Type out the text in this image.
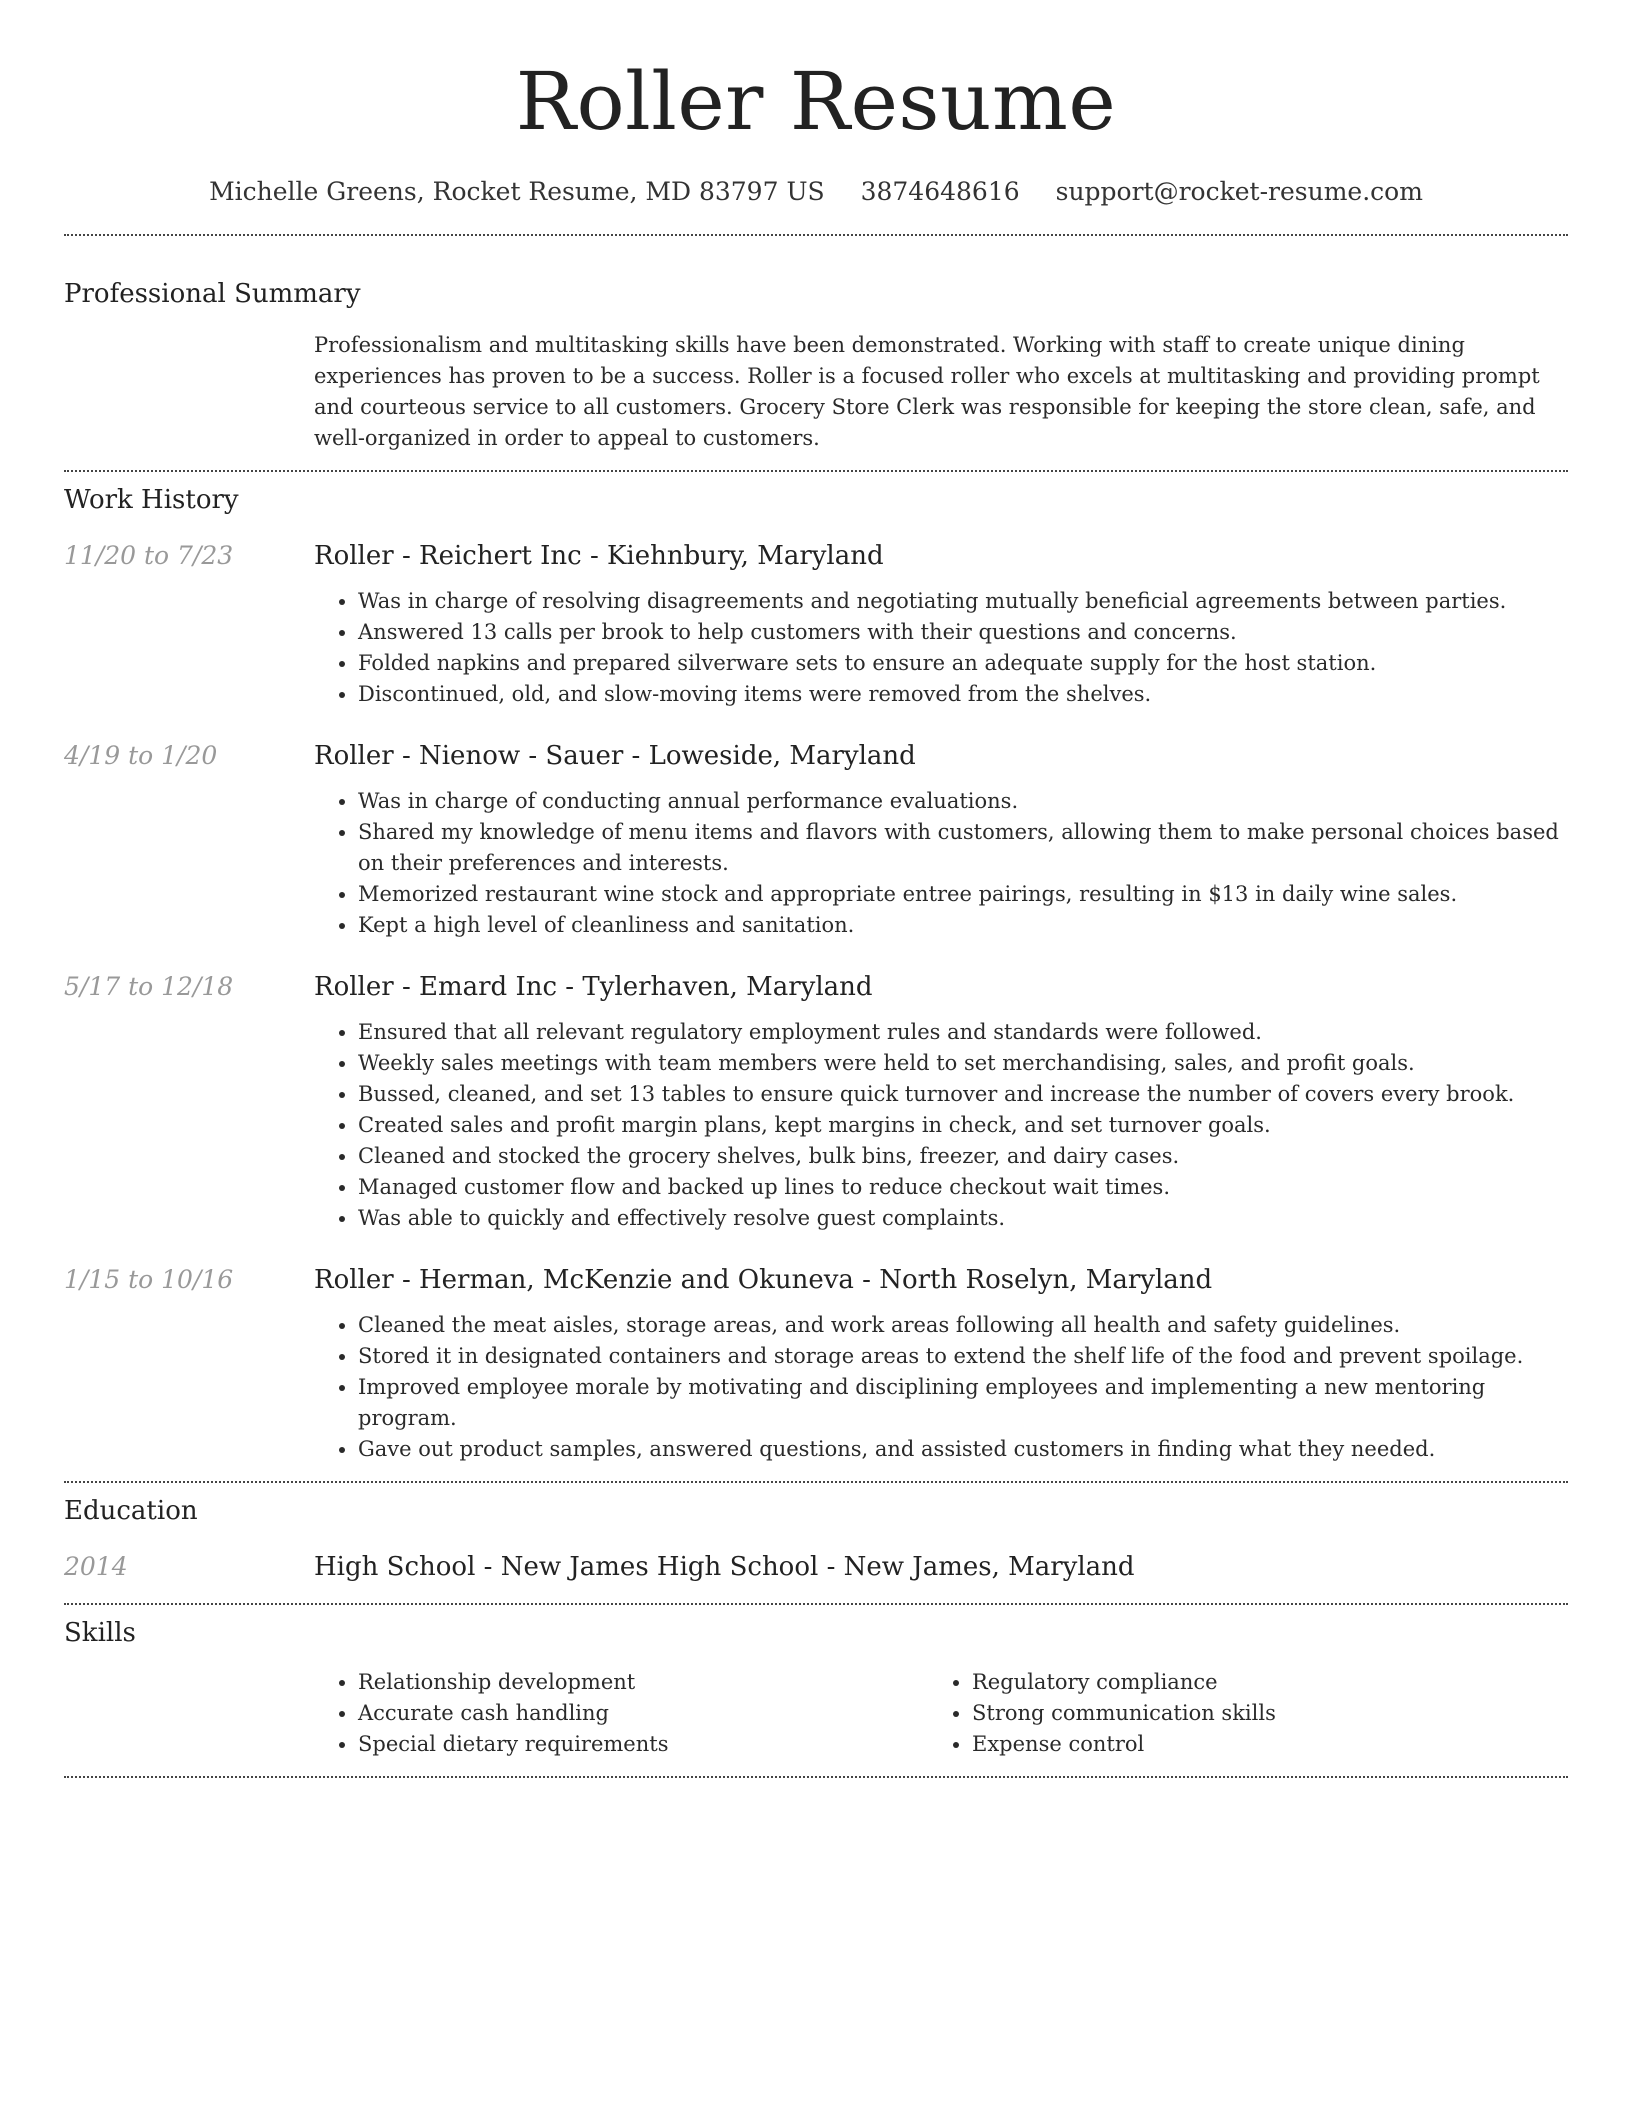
Roller Resume
Michelle Greens, Rocket Resume, MD 83797 US 3874648616 support@rocket-resume.com
Professional Summary
Professionalism and multitasking skills have been demonstrated. Working with staff to create unique dining experiences has proven to be a success. Roller is a focused roller who excels at multitasking and providing prompt and courteous service to all customers. Grocery Store Clerk was responsible for keeping the store clean, safe, and well-organized in order to appeal to customers.
Work History
11/20 to 7/23	Roller - Reichert Inc - Kiehnbury, Maryland
• Was in charge of resolving disagreements and negotiating mutually beneficial agreements between parties.
• Answered 13 calls per brook to help customers with their questions and concerns.
• Folded napkins and prepared silverware sets to ensure an adequate supply for the host station.
• Discontinued, old, and slow-moving items were removed from the shelves.
4/19 to 1/20	Roller - Nienow - Sauer - Loweside, Maryland
• Was in charge of conducting annual performance evaluations.
• Shared my knowledge of menu items and flavors with customers, allowing them to make personal choices based on their preferences and interests.
• Memorized restaurant wine stock and appropriate entree pairings, resulting in $13 in daily wine sales.
• Kept a high level of cleanliness and sanitation.
5/17 to 12/18	Roller - Emard Inc - Tylerhaven, Maryland
• Ensured that all relevant regulatory employment rules and standards were followed.
• Weekly sales meetings with team members were held to set merchandising, sales, and profit goals.
• Bussed, cleaned, and set 13 tables to ensure quick turnover and increase the number of covers every brook.
• Created sales and profit margin plans, kept margins in check, and set turnover goals.
• Cleaned and stocked the grocery shelves, bulk bins, freezer, and dairy cases.
• Managed customer flow and backed up lines to reduce checkout wait times.
• Was able to quickly and effectively resolve guest complaints.
1/15 to 10/16	Roller - Herman, McKenzie and Okuneva - North Roselyn, Maryland
• Cleaned the meat aisles, storage areas, and work areas following all health and safety guidelines.
• Stored it in designated containers and storage areas to extend the shelf life of the food and prevent spoilage.
• Improved employee morale by motivating and disciplining employees and implementing a new mentoring program.
• Gave out product samples, answered questions, and assisted customers in finding what they needed.
Education
2014	High School - New James High School - New James, Maryland
Skills
• Relationship development
• Accurate cash handling
• Special dietary requirements
• Regulatory compliance
• Strong communication skills
• Expense control
